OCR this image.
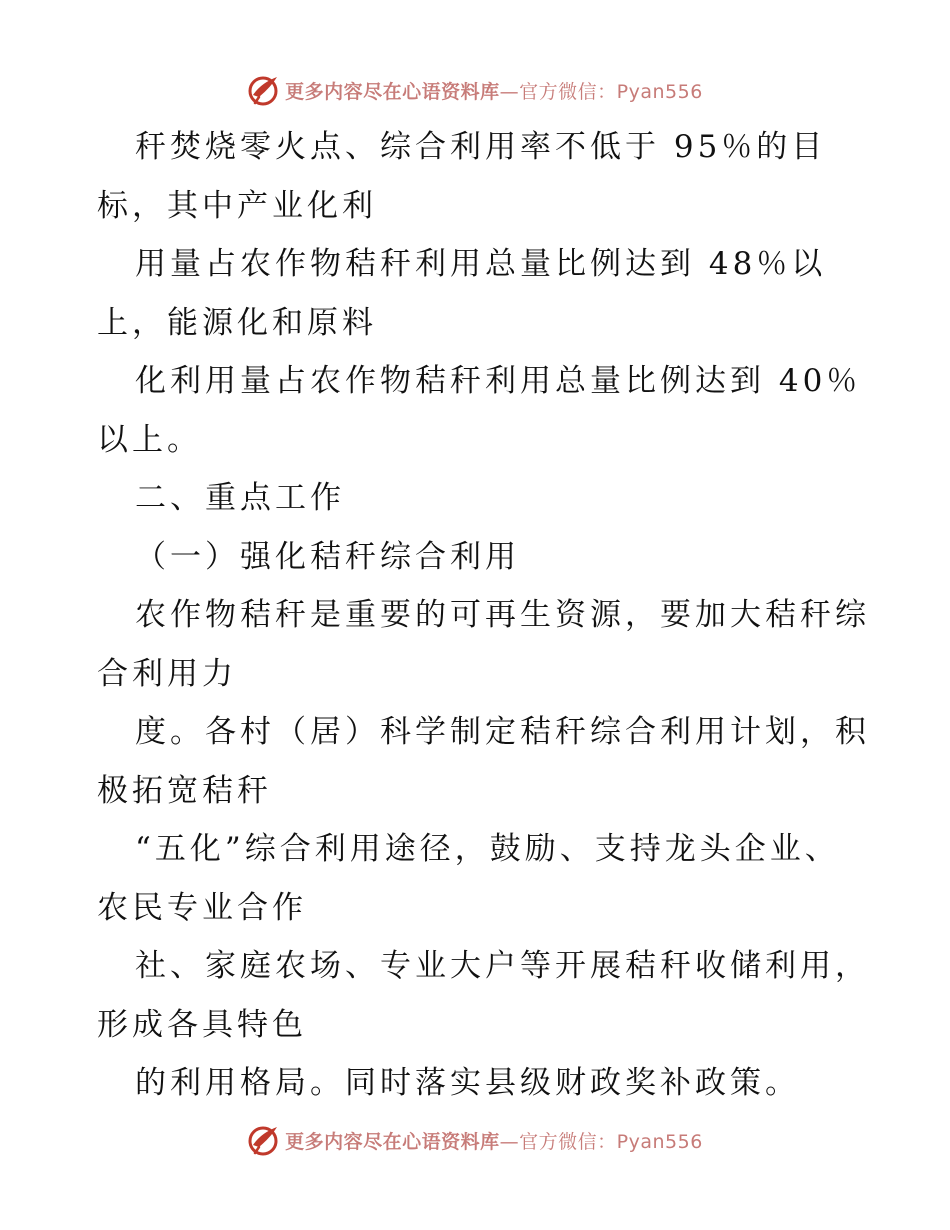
更多内容尽在心语资料库—官方微信：Pyan556
秆焚烧零火点、综合利用率不低于 95％的目
标，其中产业化利
用量占农作物秸秆利用总量比例达到 48％以
上，能源化和原料
化利用量占农作物秸秆利用总量比例达到 40％
以上。
二、重点工作
（一）强化秸秆综合利用
农作物秸秆是重要的可再生资源，要加大秸秆综
合利用力
度。各村（居）科学制定秸秆综合利用计划，积
极拓宽秸秆
“五化”综合利用途径，鼓励、支持龙头企业、
农民专业合作
社、家庭农场、专业大户等开展秸秆收储利用，
形成各具特色
的利用格局。同时落实县级财政奖补政策。
更多内容尽在心语资料库—官方微信：Pyan556
